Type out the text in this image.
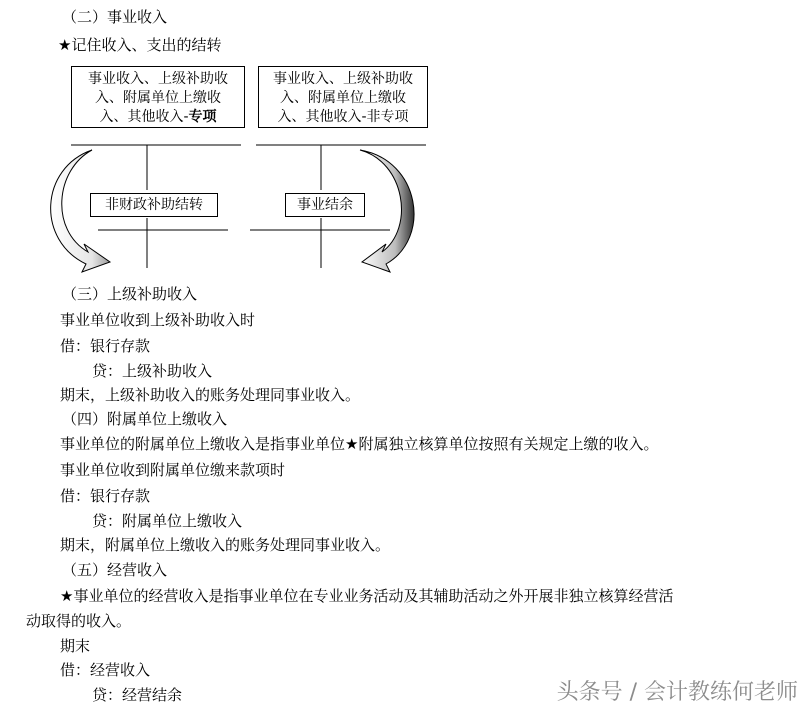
（二）事业收入
★记住收入、支出的结转
事业收入、上级补助收
入、附属单位上缴收
入、其他收入-专项
事业收入、上级补助收
入、附属单位上缴收
入、其他收入-非专项
非财政补助结转	事业结余
（三）上级补助收入
事业单位收到上级补助收入时
借：银行存款
贷：上级补助收入
期末，上级补助收入的账务处理同事业收入。
（四）附属单位上缴收入
事业单位的附属单位上缴收入是指事业单位★附属独立核算单位按照有关规定上缴的收入。
事业单位收到附属单位缴来款项时
借：银行存款
贷：附属单位上缴收入
期末，附属单位上缴收入的账务处理同事业收入。
（五）经营收入
★事业单位的经营收入是指事业单位在专业业务活动及其辅助活动之外开展非独立核算经营活
动取得的收入。
期末
借：经营收入
贷：经营结余	头条号 / 会计教练何老师
